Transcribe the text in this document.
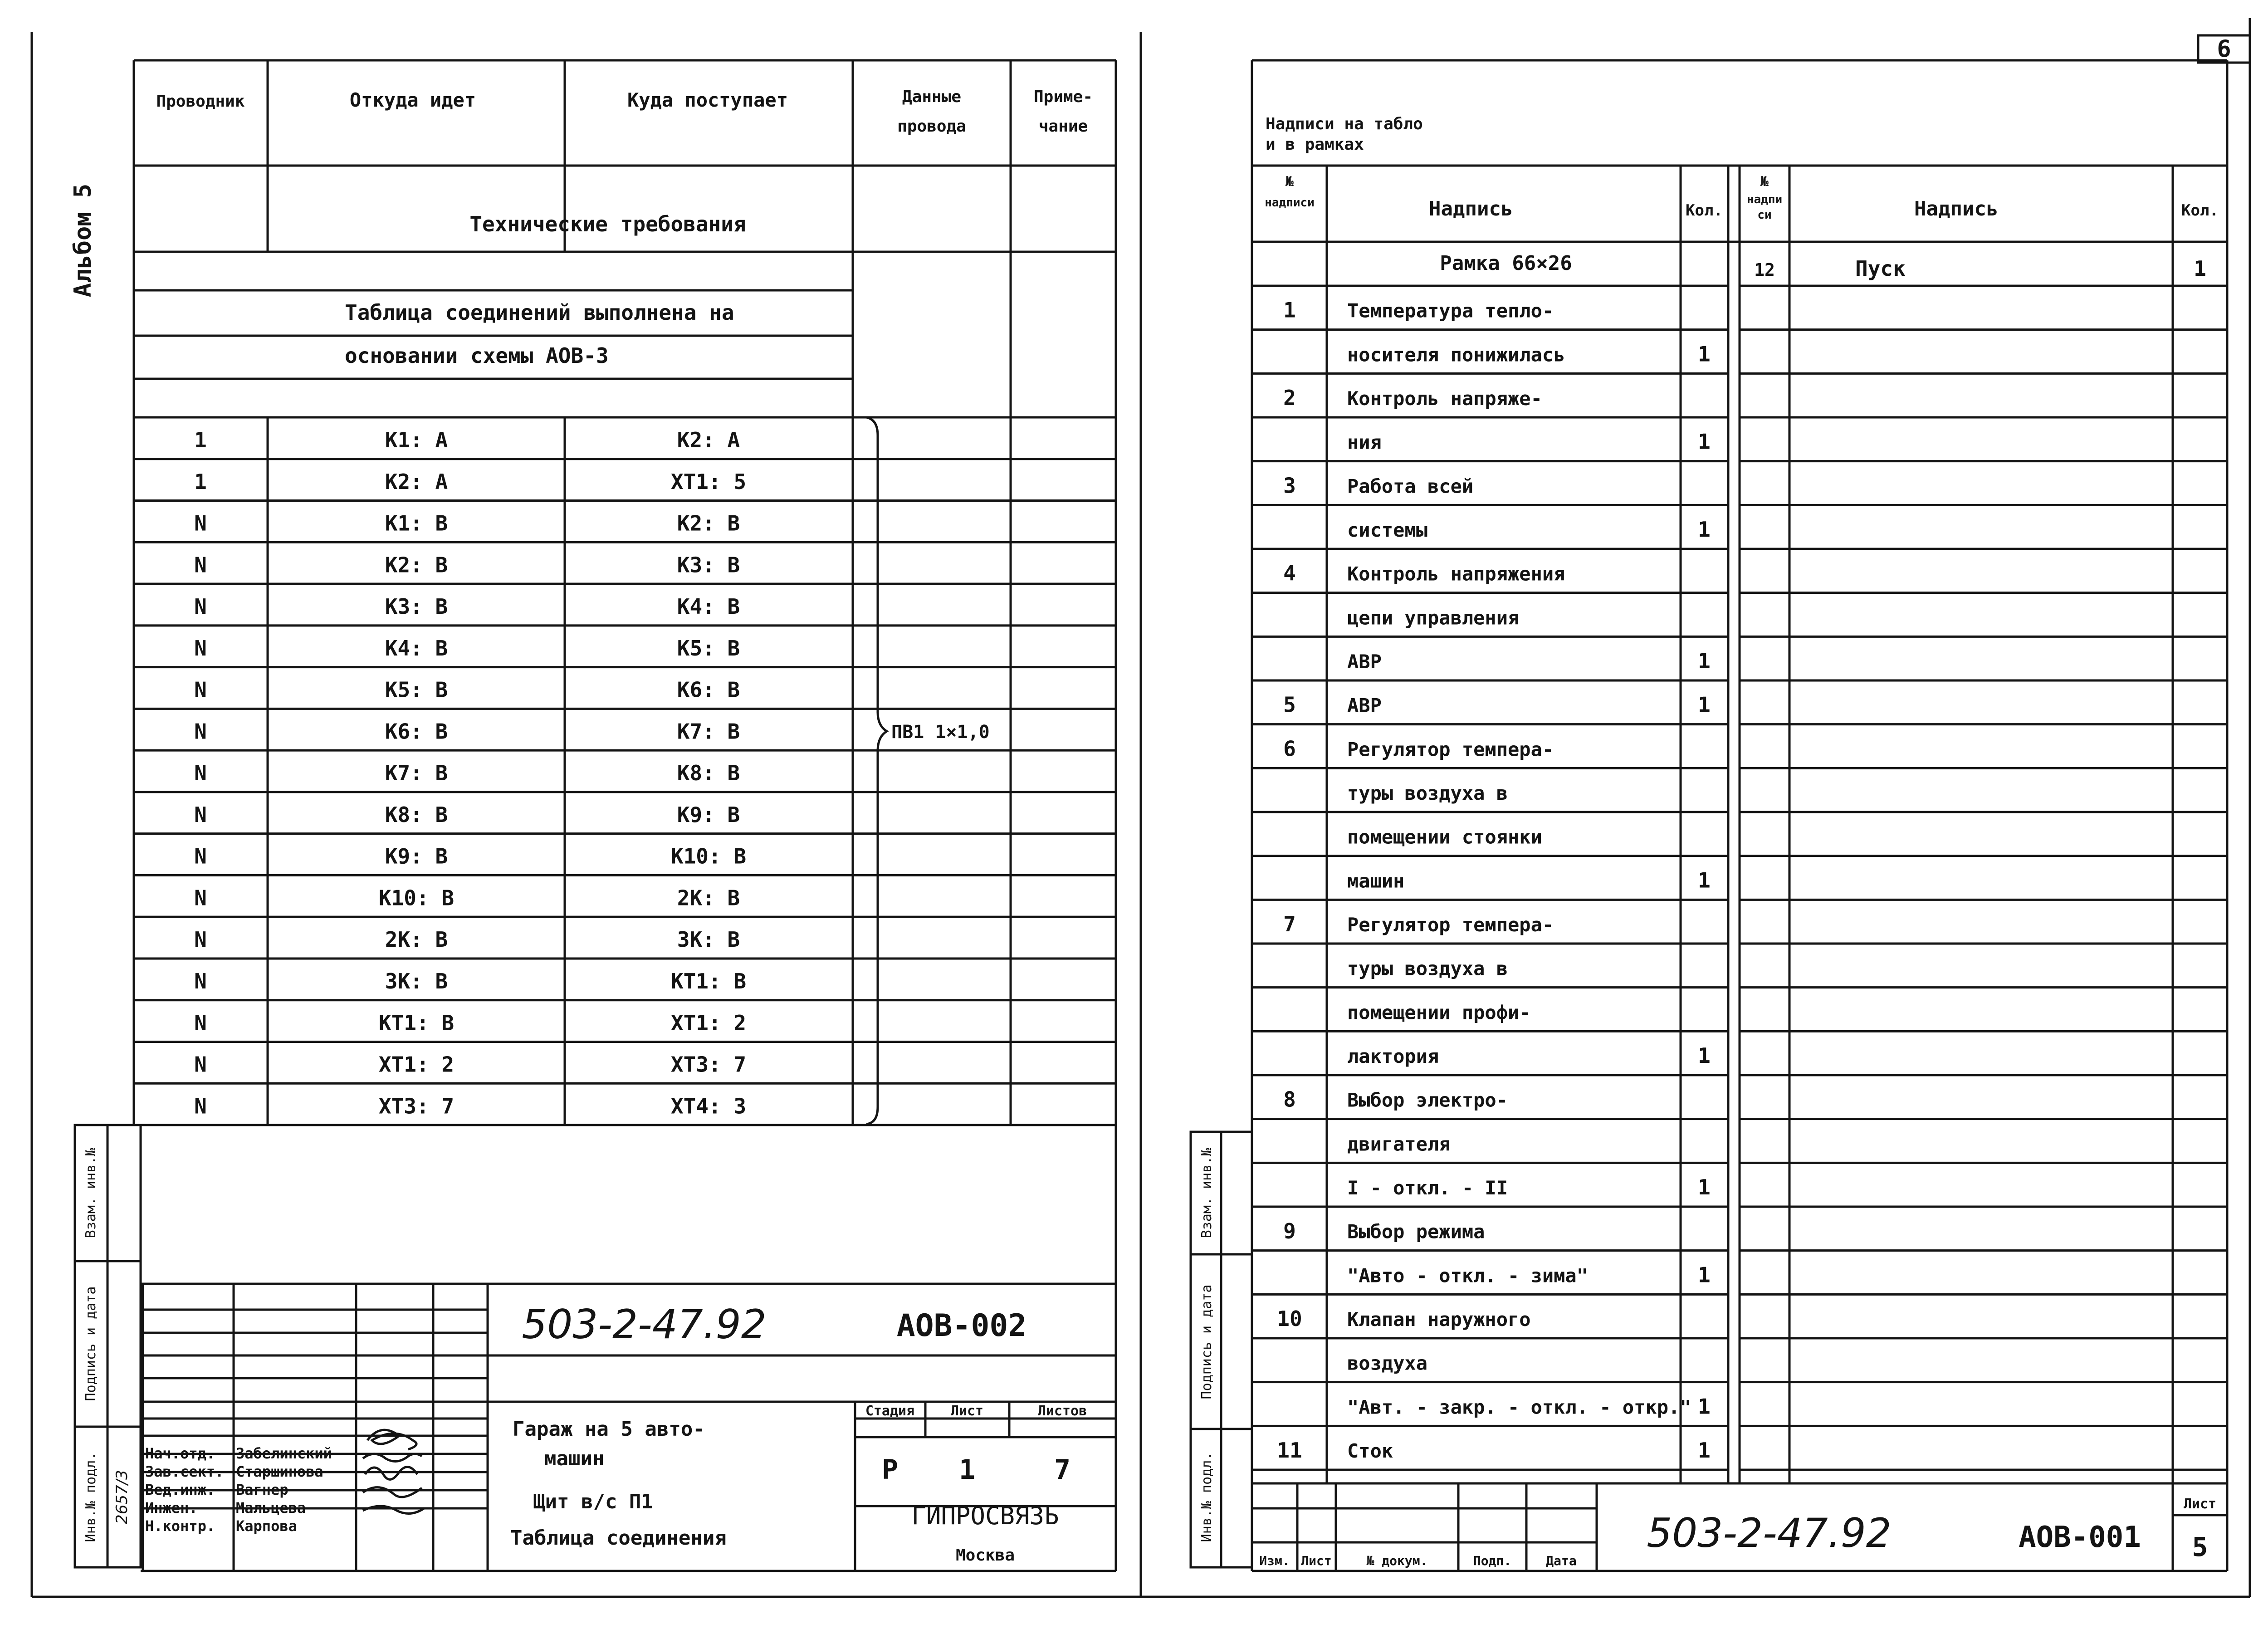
6
Альбом 5
Проводник	Откуда идет	Куда поступает	Данные
провода
Приме-
чание
Технические требования
Таблица соединений выполнена на
основании схемы АОВ-3
1	K1: A	K2: A
1	K2: A	XT1: 5
N	K1: B	K2: B
N	K2: B	K3: B
N	K3: B	K4: B
N	K4: B	K5: B
N	K5: B	K6: B
N	K6: B	K7: B
N	K7: B	K8: B
N	K8: B	K9: B
N	K9: B	K10: B
N	K10: B	2K: B
N	2K: B	3K: B
N	3K: B	KT1: B
N	KT1: B	XT1: 2
N	XT1: 2	XT3: 7
N	XT3: 7	XT4: 3
ПВ1 1×1,0
Инв.№ подл.
Подпись и дата
Взам. инв.№
2657/3
503-2-47.92	АОВ-002
Нач.отд. Забелинский
Зав.сект. Старшинова
Вед.инж. Вагнер
Инжен.	Мальцева
Н.контр. Карпова
Гараж на 5 авто-
машин
Щит в/с П1
Таблица соединения
Стадия	Лист	Листов
Р 1	7
ГИПРОСВЯЗЬ
Москва
Надписи на табло
и в рамках
№
надписи	Надпись	Кол.
№
надпи
си	Надпись	Кол.
Рамка 66×26
1	Температура тепло-
носителя понижилась	1
2	Контроль напряже-
ния	1
3	Работа всей
системы	1
4	Контроль напряжения
цепи управления
АВР	1
5	АВР	1
6	Регулятор темпера-
туры воздуха в
помещении стоянки
машин	1
7	Регулятор темпера-
туры воздуха в
помещении профи-
лактория	1
8	Выбор электро-
двигателя
I - откл. - II	1
9	Выбор режима
"Авто - откл. - зима"	1
10 Клапан наружного
воздуха
"Авт. - закр. - откл. - откр." 1
11 Сток	1
12	Пуск	1
Инв.№ подл.
Подпись и дата
Взам. инв.№
Изм. Лист	№ докум.	Подп.	Дата
503-2-47.92	АОВ-001
Лист
5
